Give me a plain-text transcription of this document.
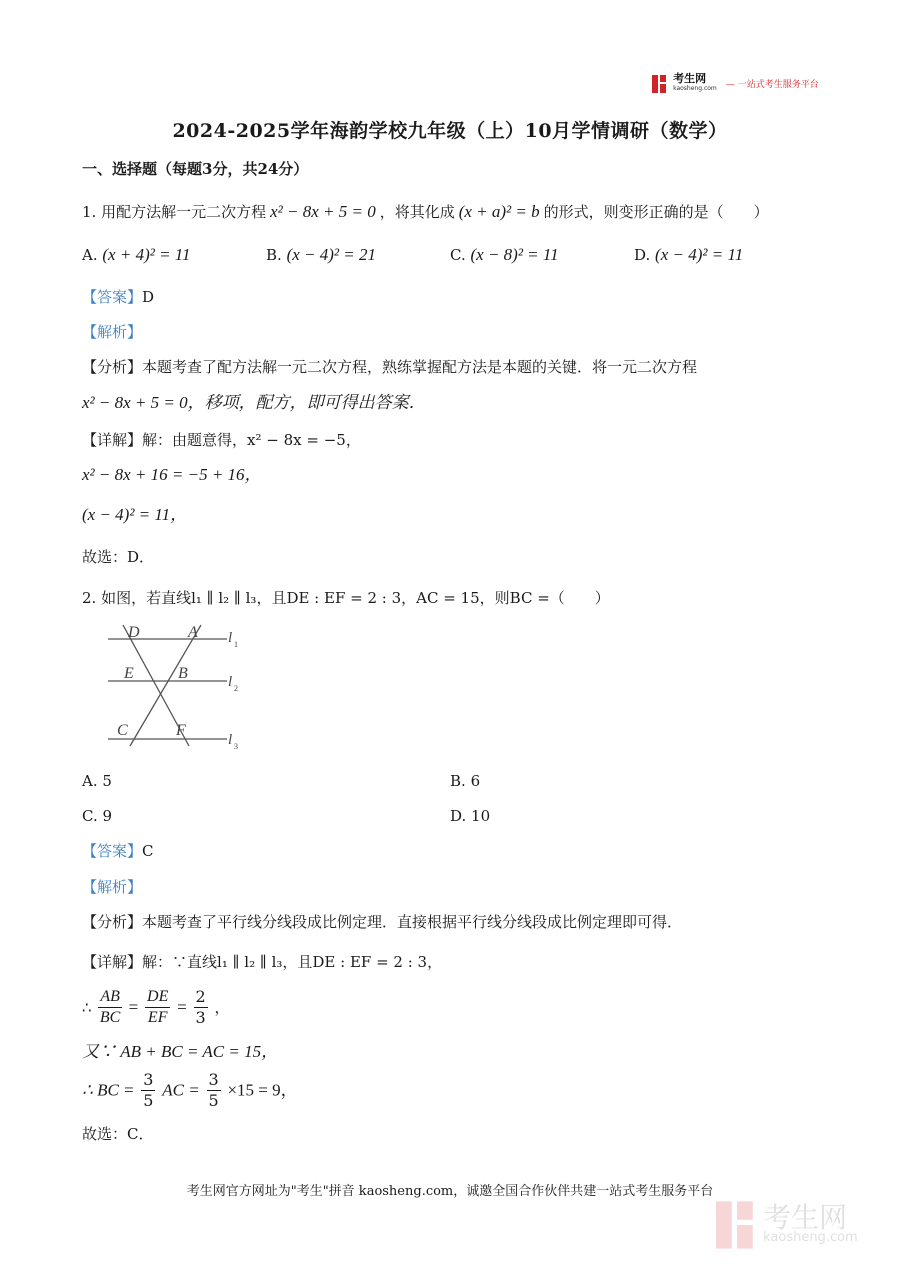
考生网
kaosheng.com — 一站式考生服务平台
2024-2025学年海韵学校九年级（上）10月学情调研（数学）
一、选择题（每题3分，共24分）
1. 用配方法解一元二次方程 x² − 8x + 5 = 0 ，将其化成 (x + a)² = b 的形式，则变形正确的是（　　）
A. (x + 4)² = 11	B. (x − 4)² = 21	C. (x − 8)² = 11	D. (x − 4)² = 11
【答案】D
【解析】
【分析】本题考查了配方法解一元二次方程，熟练掌握配方法是本题的关键．将一元二次方程
x² − 8x + 5 = 0，移项，配方，即可得出答案．
【详解】解：由题意得，x² − 8x = −5，
x² − 8x + 16 = −5 + 16，
(x − 4)² = 11，
故选：D．
2. 如图，若直线l₁ ∥ l₂ ∥ l₃，且DE : EF = 2 : 3，AC = 15，则BC =（　　）
D	A
E	B
C	F
l 1
l 2
l 3
A. 5	B. 6
C. 9	D. 10
【答案】C
【解析】
【分析】本题考查了平行线分线段成比例定理．直接根据平行线分线段成比例定理即可得．
【详解】解：∵直线l₁ ∥ l₂ ∥ l₃，且DE : EF = 2 : 3，
∴ $\frac{AB}{BC} = \frac{DE}{EF} = \frac{2}{3}$ ，
又∵ AB + BC = AC = 15，
∴ BC = $\frac{3}{5}$ AC = $\frac{3}{5} \times 15 = 9$，
故选：C．
考生网官方网址为"考生"拼音 kaosheng.com，诚邀全国合作伙伴共建一站式考生服务平台

考生网
kaosheng.com
